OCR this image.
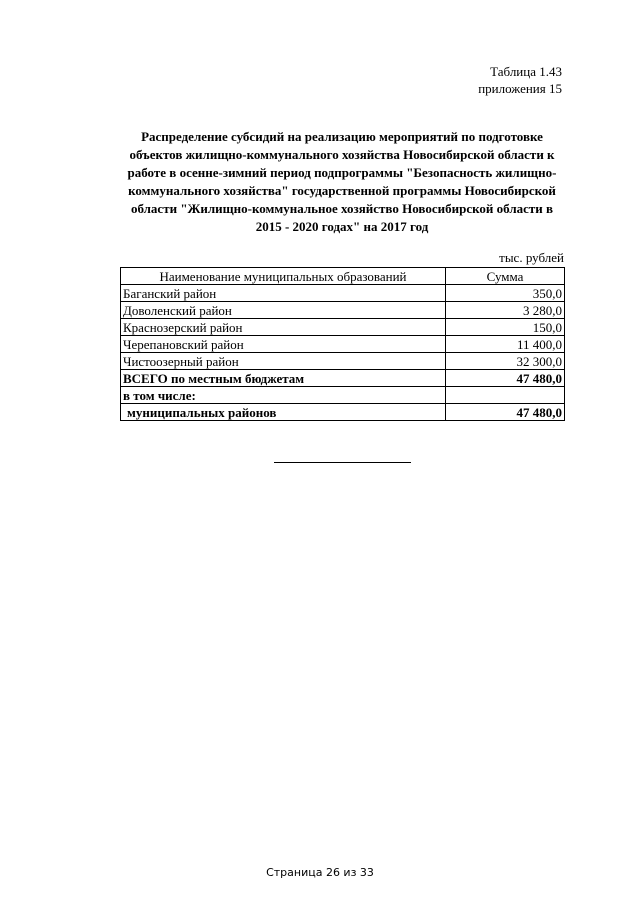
Таблица 1.43
приложения 15
Распределение субсидий на реализацию мероприятий по подготовке
объектов жилищно-коммунального хозяйства Новосибирской области к
работе в осенне-зимний период подпрограммы "Безопасность жилищно-
коммунального хозяйства" государственной программы Новосибирской
области "Жилищно-коммунальное хозяйство Новосибирской области в
2015 - 2020 годах" на 2017 год
тыс. рублей
Наименование муниципальных образований	Сумма
Баганский район	350,0
Доволенский район	3 280,0
Краснозерский район	150,0
Черепановский район	11 400,0
Чистоозерный район	32 300,0
ВСЕГО по местным бюджетам	47 480,0
в том числе:	
муниципальных районов	47 480,0
Страница 26 из 33
